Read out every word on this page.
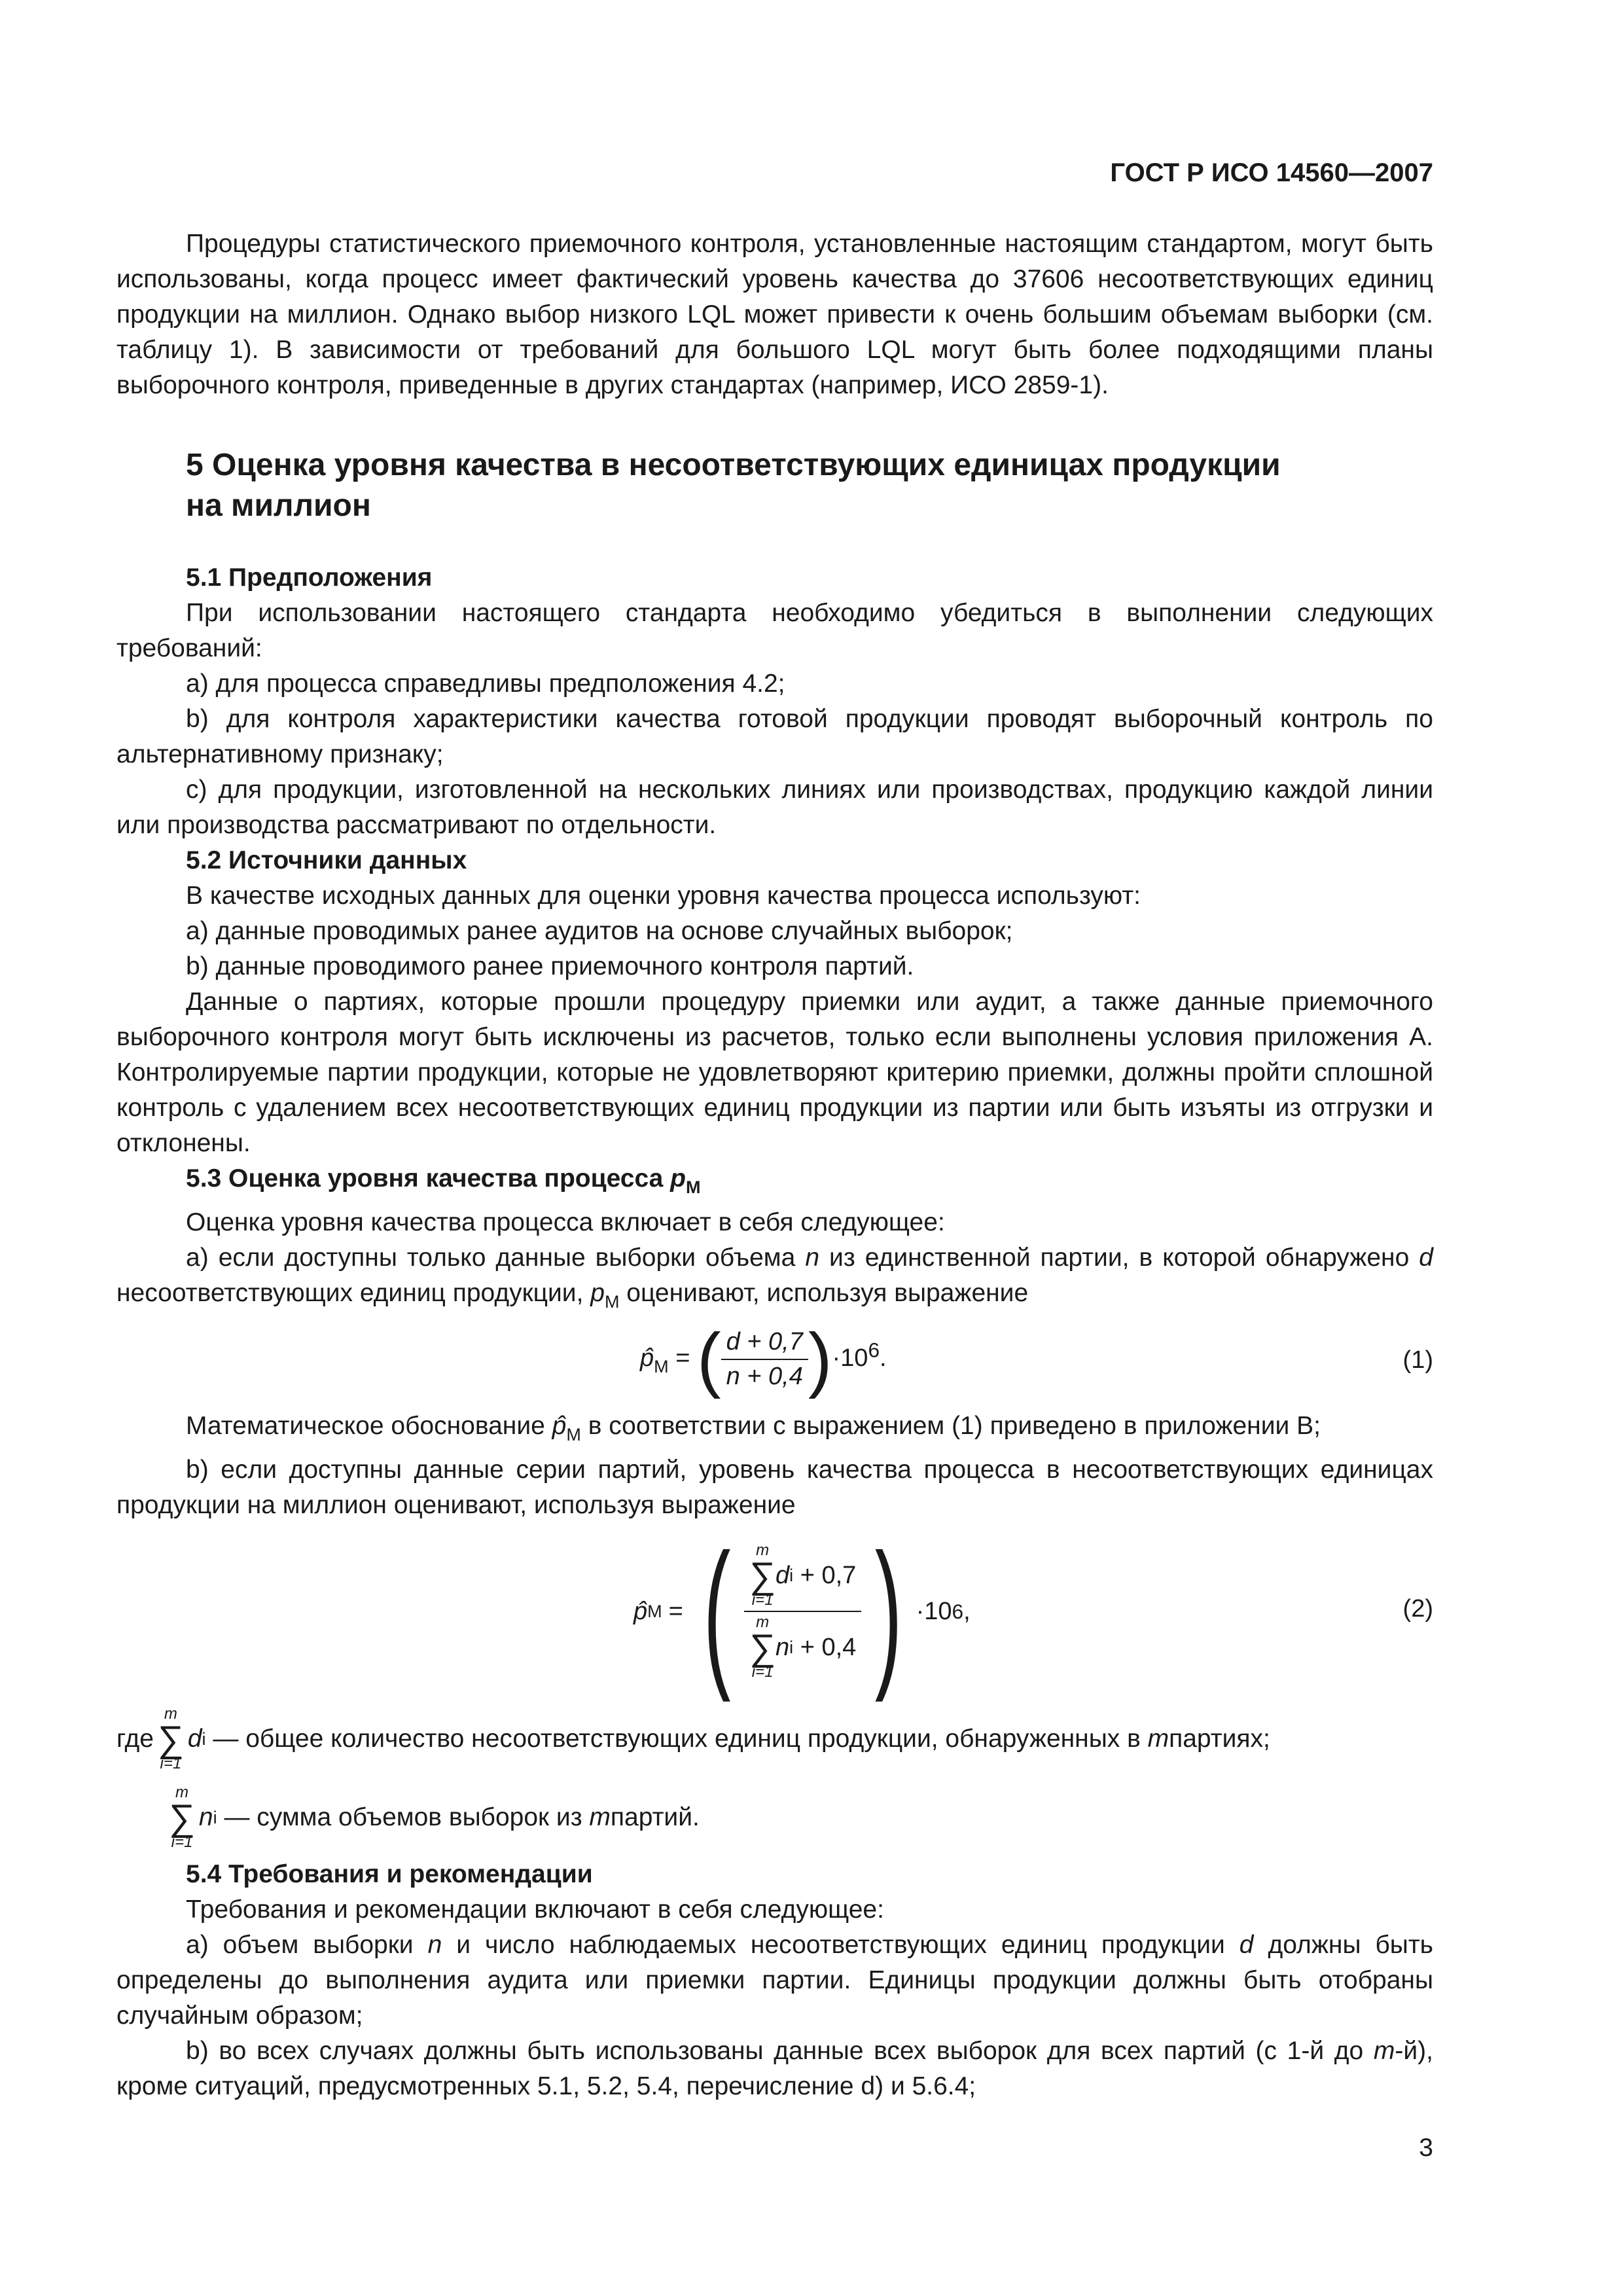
ГОСТ Р ИСО 14560—2007

Процедуры статистического приемочного контроля, установленные настоящим стандартом, могут быть использованы, когда процесс имеет фактический уровень качества до 37606 несоответствующих единиц продукции на миллион. Однако выбор низкого LQL может привести к очень большим объемам выборки (см. таблицу 1). В зависимости от требований для большого LQL могут быть более подходящими планы выборочного контроля, приведенные в других стандартах (например, ИСО 2859-1).

5 Оценка уровня качества в несоответствующих единицах продукции
на миллион

5.1 Предположения

При использовании настоящего стандарта необходимо убедиться в выполнении следующих требований:

а) для процесса справедливы предположения 4.2;

b) для контроля характеристики качества готовой продукции проводят выборочный контроль по альтернативному признаку;

с) для продукции, изготовленной на нескольких линиях или производствах, продукцию каждой линии или производства рассматривают по отдельности.

5.2 Источники данных

В качестве исходных данных для оценки уровня качества процесса используют:

а) данные проводимых ранее аудитов на основе случайных выборок;

b) данные проводимого ранее приемочного контроля партий.

Данные о партиях, которые прошли процедуру приемки или аудит, а также данные приемочного выборочного контроля могут быть исключены из расчетов, только если выполнены условия приложения А. Контролируемые партии продукции, которые не удовлетворяют критерию приемки, должны пройти сплошной контроль с удалением всех несоответствующих единиц продукции из партии или быть изъяты из отгрузки и отклонены.

5.3 Оценка уровня качества процесса $p_М$

Оценка уровня качества процесса включает в себя следующее:

а) если доступны только данные выборки объема n из единственной партии, в которой обнаружено d несоответствующих единиц продукции, $p_М$ оценивают, используя выражение

$p̂_М$ = ( $\frac{d + 0,7}{n + 0,4} )\cdot 10^6$.	(1)

Математическое обоснование $p̂_М$ в соответствии с выражением (1) приведено в приложении В;

b) если доступны данные серии партий, уровень качества процесса в несоответствующих единицах продукции на миллион оценивают, используя выражение

p̂ М = ( m
∑
i=1
d i
+ 0,7
m
∑
i=1
n i
+ 0,4 ) ·10 6 ,	(2)
где
m
∑
i=1
d i — общее количество несоответствующих единиц продукции, обнаруженных в m партиях;
m
∑
i=1
n i — сумма объемов выборок из m партий.

5.4 Требования и рекомендации

Требования и рекомендации включают в себя следующее:

а) объем выборки n и число наблюдаемых несоответствующих единиц продукции d должны быть определены до выполнения аудита или приемки партии. Единицы продукции должны быть отобраны случайным образом;

b) во всех случаях должны быть использованы данные всех выборок для всех партий (с 1-й до m-й), кроме ситуаций, предусмотренных 5.1, 5.2, 5.4, перечисление d) и 5.6.4;

3
